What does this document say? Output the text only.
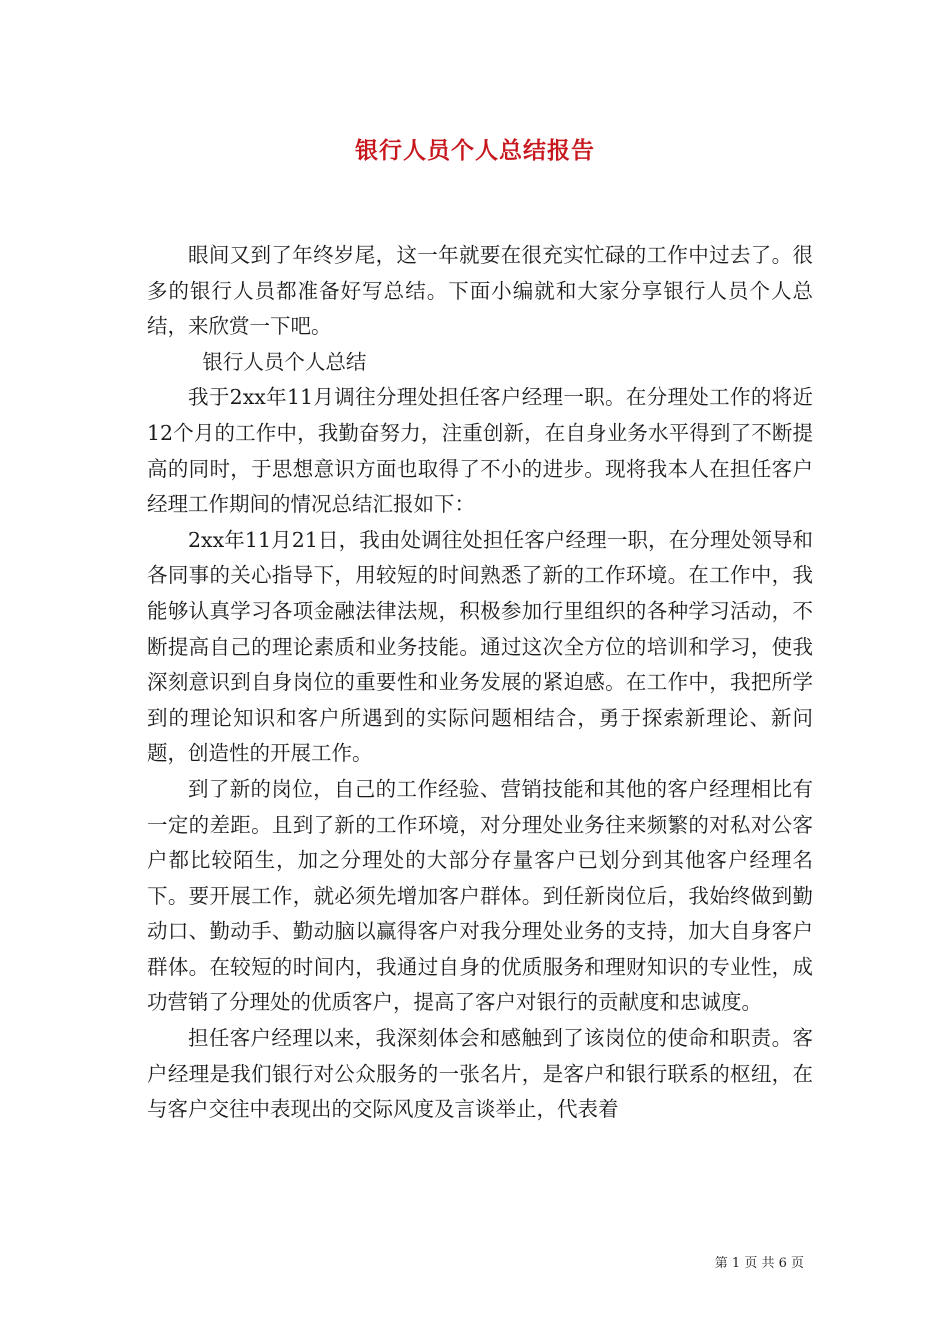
银行人员个人总结报告

眼间又到了年终岁尾，这一年就要在很充实忙碌的工作中过去了。很多的银行人员都准备好写总结。下面小编就和大家分享银行人员个人总结，来欣赏一下吧。

银行人员个人总结

我于2xx年11月调往分理处担任客户经理一职。在分理处工作的将近12个月的工作中，我勤奋努力，注重创新，在自身业务水平得到了不断提高的同时，于思想意识方面也取得了不小的进步。现将我本人在担任客户经理工作期间的情况总结汇报如下：

2xx年11月21日，我由处调往处担任客户经理一职，在分理处领导和各同事的关心指导下，用较短的时间熟悉了新的工作环境。在工作中，我能够认真学习各项金融法律法规，积极参加行里组织的各种学习活动，不断提高自己的理论素质和业务技能。通过这次全方位的培训和学习，使我深刻意识到自身岗位的重要性和业务发展的紧迫感。在工作中，我把所学到的理论知识和客户所遇到的实际问题相结合，勇于探索新理论、新问题，创造性的开展工作。

到了新的岗位，自己的工作经验、营销技能和其他的客户经理相比有一定的差距。且到了新的工作环境，对分理处业务往来频繁的对私对公客户都比较陌生，加之分理处的大部分存量客户已划分到其他客户经理名下。要开展工作，就必须先增加客户群体。到任新岗位后，我始终做到勤动口、勤动手、勤动脑以赢得客户对我分理处业务的支持，加大自身客户群体。在较短的时间内，我通过自身的优质服务和理财知识的专业性，成功营销了分理处的优质客户，提高了客户对银行的贡献度和忠诚度。

担任客户经理以来，我深刻体会和感触到了该岗位的使命和职责。客户经理是我们银行对公众服务的一张名片，是客户和银行联系的枢纽，在与客户交往中表现出的交际风度及言谈举止，代表着

第 1 页 共 6 页
